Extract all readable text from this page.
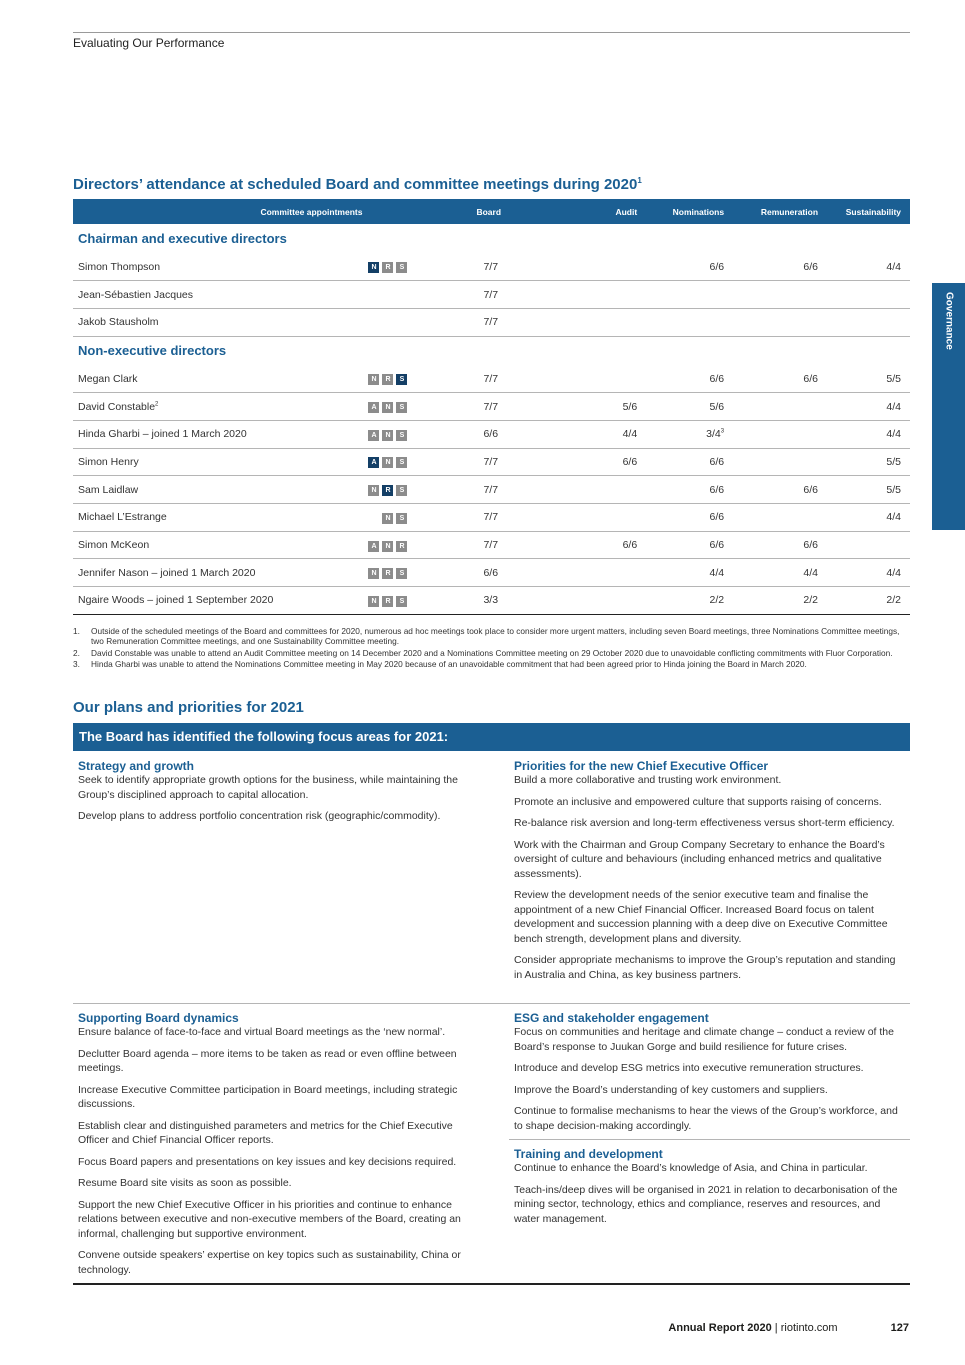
Evaluating Our Performance
Governance
Directors’ attendance at scheduled Board and committee meetings during 2020$^1$
Committee appointments		Board	Audit	Nominations	Remuneration	Sustainability
Chairman and executive directors						
Simon Thompson	N R S	7/7		6/6	6/6	4/4
Jean-Sébastien Jacques		7/7				
Jakob Stausholm		7/7				
Non-executive directors						
Megan Clark	N R S	7/7		6/6	6/6	5/5
David Constable$^2$	A N S	7/7	5/6	5/6		4/4
Hinda Gharbi – joined 1 March 2020	A N S	6/6	4/4	$3/4^3$		4/4
Simon Henry	A N S	7/7	6/6	6/6		5/5
Sam Laidlaw	N R S	7/7		6/6	6/6	5/5
Michael L’Estrange	N S	7/7		6/6		4/4
Simon McKeon	A N R	7/7	6/6	6/6	6/6	
Jennifer Nason – joined 1 March 2020	N R S	6/6		4/4	4/4	4/4
Ngaire Woods – joined 1 September 2020	N R S	3/3		2/2	2/2	2/2
1.	Outside of the scheduled meetings of the Board and committees for 2020, numerous ad hoc meetings took place to consider more urgent matters, including seven Board meetings, three Nominations Committee meetings, two Remuneration Committee meetings, and one Sustainability Committee meeting.
2.	David Constable was unable to attend an Audit Committee meeting on 14 December 2020 and a Nominations Committee meeting on 29 October 2020 due to unavoidable conflicting commitments with Fluor Corporation.
3.	Hinda Gharbi was unable to attend the Nominations Committee meeting in May 2020 because of an unavoidable commitment that had been agreed prior to Hinda joining the Board in March 2020.
Our plans and priorities for 2021
The Board has identified the following focus areas for 2021:
Strategy and growth

Seek to identify appropriate growth options for the business, while maintaining the Group’s disciplined approach to capital allocation.

Develop plans to address portfolio concentration risk (geographic/commodity).

Priorities for the new Chief Executive Officer

Build a more collaborative and trusting work environment.

Promote an inclusive and empowered culture that supports raising of concerns.

Re-balance risk aversion and long-term effectiveness versus short-term efficiency.

Work with the Chairman and Group Company Secretary to enhance the Board’s oversight of culture and behaviours (including enhanced metrics and qualitative assessments).

Review the development needs of the senior executive team and finalise the appointment of a new Chief Financial Officer. Increased Board focus on talent development and succession planning with a deep dive on Executive Committee bench strength, development plans and diversity.

Consider appropriate mechanisms to improve the Group’s reputation and standing in Australia and China, as key business partners.

Supporting Board dynamics

Ensure balance of face-to-face and virtual Board meetings as the ‘new normal’.

Declutter Board agenda – more items to be taken as read or even offline between meetings.

Increase Executive Committee participation in Board meetings, including strategic discussions.

Establish clear and distinguished parameters and metrics for the Chief Executive Officer and Chief Financial Officer reports.

Focus Board papers and presentations on key issues and key decisions required.

Resume Board site visits as soon as possible.

Support the new Chief Executive Officer in his priorities and continue to enhance relations between executive and non-executive members of the Board, creating an informal, challenging but supportive environment.

Convene outside speakers’ expertise on key topics such as sustainability, China or technology.

ESG and stakeholder engagement

Focus on communities and heritage and climate change – conduct a review of the Board’s response to Juukan Gorge and build resilience for future crises.

Introduce and develop ESG metrics into executive remuneration structures.

Improve the Board’s understanding of key customers and suppliers.

Continue to formalise mechanisms to hear the views of the Group’s workforce, and to shape decision-making accordingly.

Training and development

Continue to enhance the Board’s knowledge of Asia, and China in particular.

Teach-ins/deep dives will be organised in 2021 in relation to decarbonisation of the mining sector, technology, ethics and compliance, reserves and resources, and water management.

Annual Report 2020 | riotinto.com	127
